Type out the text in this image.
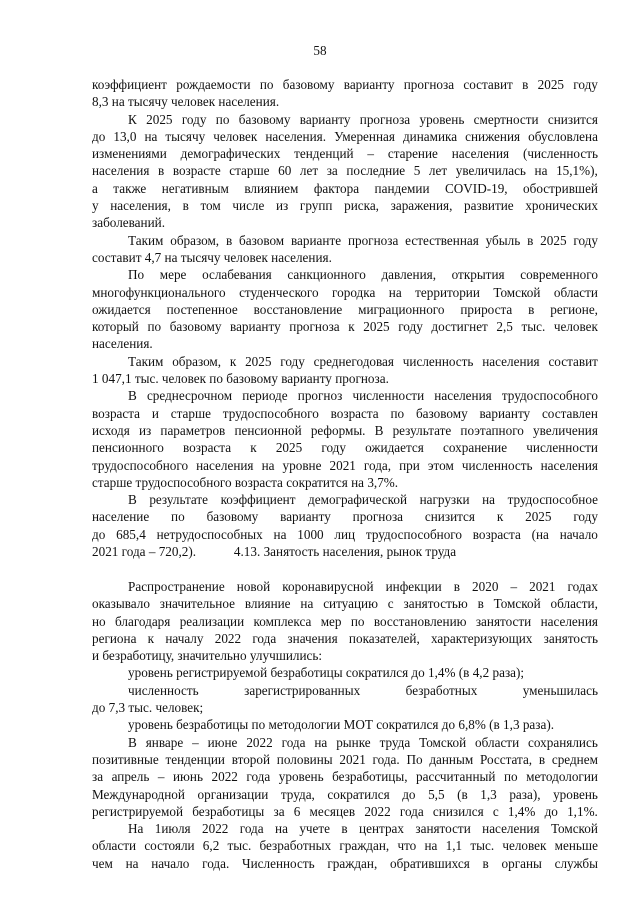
58
коэффициент рождаемости по базовому варианту прогноза составит в 2025 году
8,3 на тысячу человек населения.
К 2025 году по базовому варианту прогноза уровень смертности снизится
до 13,0 на тысячу человек населения. Умеренная динамика снижения обусловлена
изменениями демографических тенденций – старение населения (численность
населения в возрасте старше 60 лет за последние 5 лет увеличилась на 15,1%),
а также негативным влиянием фактора пандемии COVID-19, обострившей
у населения, в том числе из групп риска, заражения, развитие хронических
заболеваний.
Таким образом, в базовом варианте прогноза естественная убыль в 2025 году
составит 4,7 на тысячу человек населения.
По мере ослабевания санкционного давления, открытия современного
многофункционального студенческого городка на территории Томской области
ожидается постепенное восстановление миграционного прироста в регионе,
который по базовому варианту прогноза к 2025 году достигнет 2,5 тыс. человек
населения.
Таким образом, к 2025 году среднегодовая численность населения составит
1 047,1 тыс. человек по базовому варианту прогноза.
В среднесрочном периоде прогноз численности населения трудоспособного
возраста и старше трудоспособного возраста по базовому варианту составлен
исходя из параметров пенсионной реформы. В результате поэтапного увеличения
пенсионного возраста к 2025 году ожидается сохранение численности
трудоспособного населения на уровне 2021 года, при этом численность населения
старше трудоспособного возраста сократится на 3,7%.
В результате коэффициент демографической нагрузки на трудоспособное
население по базовому варианту прогноза снизится к 2025 году
до 685,4 нетрудоспособных на 1000 лиц трудоспособного возраста (на начало
2021 года – 720,2).	4.13. Занятость населения, рынок труда
Распространение новой коронавирусной инфекции в 2020 – 2021 годах
оказывало значительное влияние на ситуацию с занятостью в Томской области,
но благодаря реализации комплекса мер по восстановлению занятости населения
региона к началу 2022 года значения показателей, характеризующих занятость
и безработицу, значительно улучшились:
уровень регистрируемой безработицы сократился до 1,4% (в 4,2 раза);
численность	зарегистрированных	безработных	уменьшилась
до 7,3 тыс. человек;
уровень безработицы по методологии МОТ сократился до 6,8% (в 1,3 раза).
В январе – июне 2022 года на рынке труда Томской области сохранялись
позитивные тенденции второй половины 2021 года. По данным Росстата, в среднем
за апрель – июнь 2022 года уровень безработицы, рассчитанный по методологии
Международной организации труда, сократился до 5,5 (в 1,3 раза), уровень
регистрируемой безработицы за 6 месяцев 2022 года снизился с 1,4% до 1,1%.
На 1июля 2022 года на учете в центрах занятости населения Томской
области состояли 6,2 тыс. безработных граждан, что на 1,1 тыс. человек меньше
чем на начало года. Численность граждан, обратившихся в органы службы
